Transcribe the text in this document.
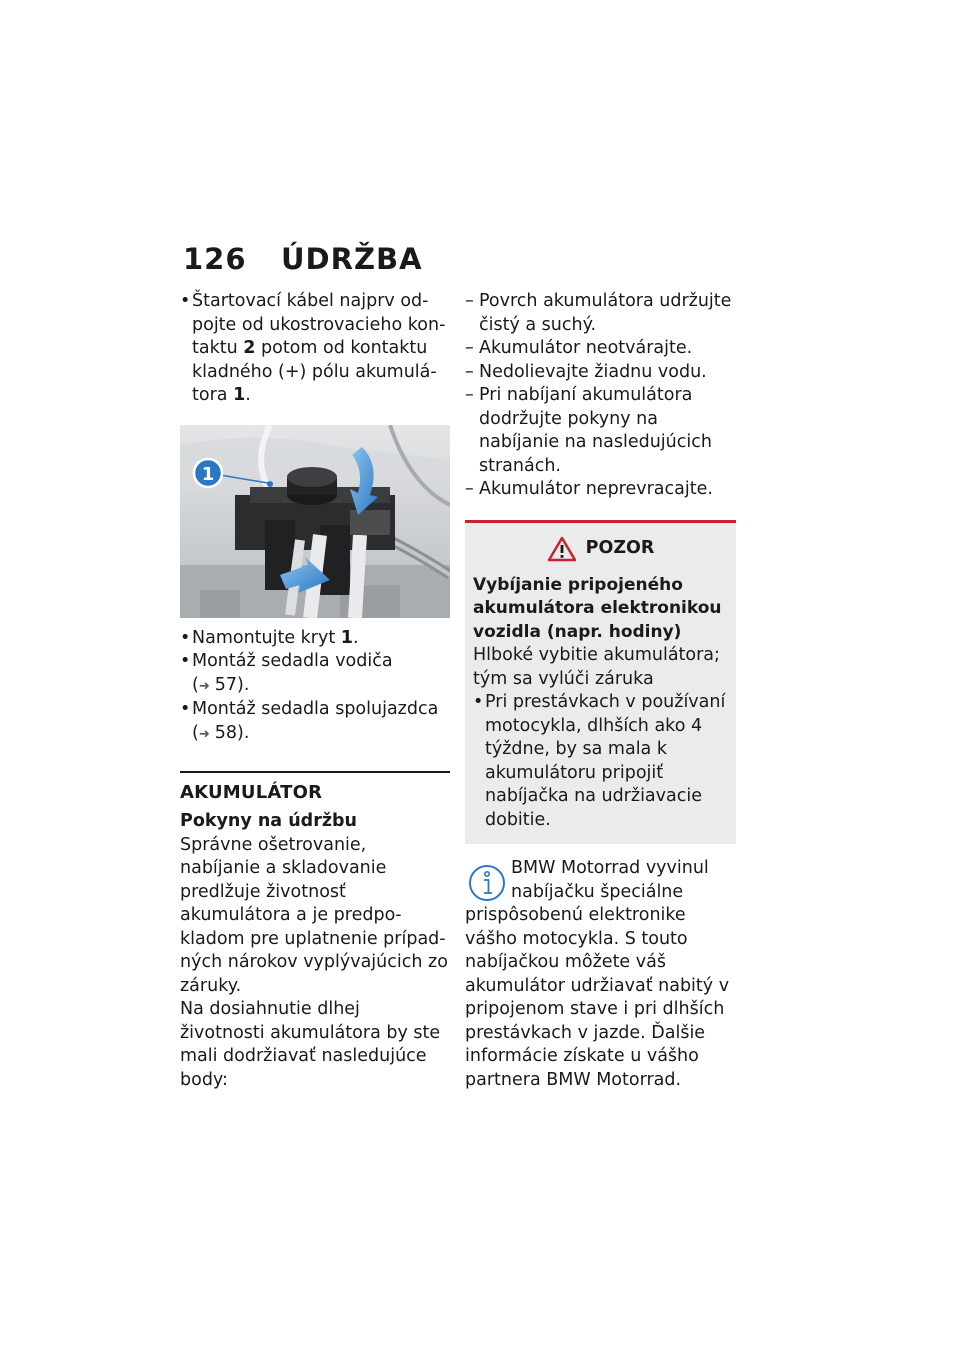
126 ÚDRŽBA
• Štartovací kábel najprv odpojte od ukostrovacieho kontaktu 2 potom od kontaktu kladného (+) pólu akumulátora 1.
1
• Namontujte kryt 1.
• Montáž sedadla vodiča
(➜ 57).
• Montáž sedadla spolujazdca
(➜ 58).
AKUMULÁTOR
Pokyny na údržbu
Správne ošetrovanie, nabíjanie a skladovanie predlžuje životnosť akumulátora a je predpokladom pre uplatnenie prípadných nárokov vyplývajúcich zo záruky.
Na dosiahnutie dlhej životnosti akumulátora by ste mali dodržiavať nasledujúce body:
– Povrch akumulátora udržujte čistý a suchý.
– Akumulátor neotvárajte.
– Nedolievajte žiadnu vodu.
– Pri nabíjaní akumulátora dodržujte pokyny na nabíjanie na nasledujúcich stranách.
– Akumulátor neprevracajte.
POZOR
Vybíjanie pripojeného akumulátora elektronikou vozidla (napr. hodiny)
Hlboké vybitie akumulátora; tým sa vylúči záruka
• Pri prestávkach v používaní motocykla, dlhších ako 4 týždne, by sa mala k akumulátoru pripojiť nabíjačka na udržiavacie dobitie.
BMW Motorrad vyvinul nabíjačku špeciálne
prispôsobenú elektronike vášho motocykla. S touto nabíjačkou môžete váš akumulátor udržiavať nabitý v pripojenom stave i pri dlhších prestávkach v jazde. Ďalšie informácie získate u vášho partnera BMW Motorrad.
